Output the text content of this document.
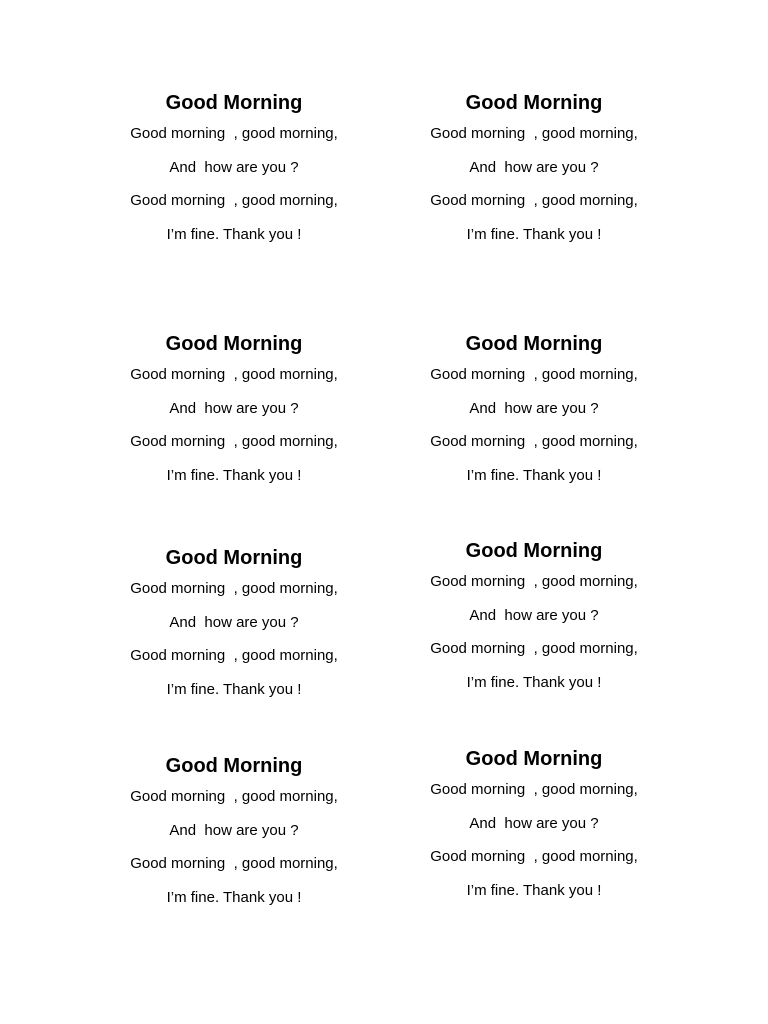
Good Morning
Good morning  , good morning,
And  how are you ?
Good morning  , good morning,
I’m fine. Thank you !
Good Morning
Good morning  , good morning,
And  how are you ?
Good morning  , good morning,
I’m fine. Thank you !
Good Morning
Good morning  , good morning,
And  how are you ?
Good morning  , good morning,
I’m fine. Thank you !
Good Morning
Good morning  , good morning,
And  how are you ?
Good morning  , good morning,
I’m fine. Thank you !
Good Morning
Good morning  , good morning,
And  how are you ?
Good morning  , good morning,
I’m fine. Thank you !
Good Morning
Good morning  , good morning,
And  how are you ?
Good morning  , good morning,
I’m fine. Thank you !
Good Morning
Good morning  , good morning,
And  how are you ?
Good morning  , good morning,
I’m fine. Thank you !
Good Morning
Good morning  , good morning,
And  how are you ?
Good morning  , good morning,
I’m fine. Thank you !
